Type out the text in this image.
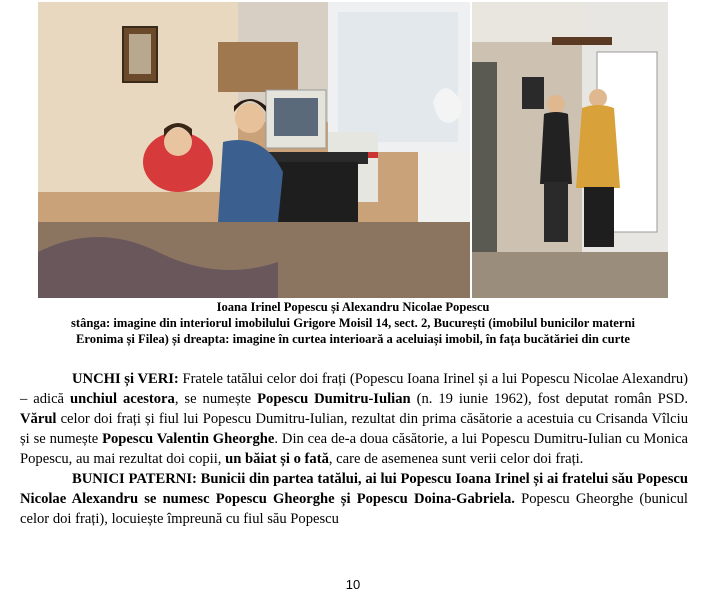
Ioana Irinel Popescu și Alexandru Nicolae Popescu
stânga: imagine din interiorul imobilului Grigore Moisil 14, sect. 2, București (imobilul bunicilor materni
Eronima și Filea) și dreapta: imagine în curtea interioară a aceluiași imobil, în fața bucătăriei din curte

UNCHI și VERI: Fratele tatălui celor doi frați (Popescu Ioana Irinel și a lui Popescu Nicolae Alexandru) – adică unchiul acestora, se numește Popescu Dumitru-Iulian (n. 19 iunie 1962), fost deputat român PSD. Vărul celor doi frați și fiul lui Popescu Dumitru-Iulian, rezultat din prima căsătorie a acestuia cu Crisanda Vîlciu și se numește Popescu Valentin Gheorghe. Din cea de-a doua căsătorie, a lui Popescu Dumitru-Iulian cu Monica Popescu, au mai rezultat doi copii, un băiat și o fată, care de asemenea sunt verii celor doi frați.

BUNICI PATERNI: Bunicii din partea tatălui, ai lui Popescu Ioana Irinel și ai fratelui său Popescu Nicolae Alexandru se numesc Popescu Gheorghe și Popescu Doina-Gabriela. Popescu Gheorghe (bunicul celor doi frați), locuiește împreună cu fiul său Popescu

10
